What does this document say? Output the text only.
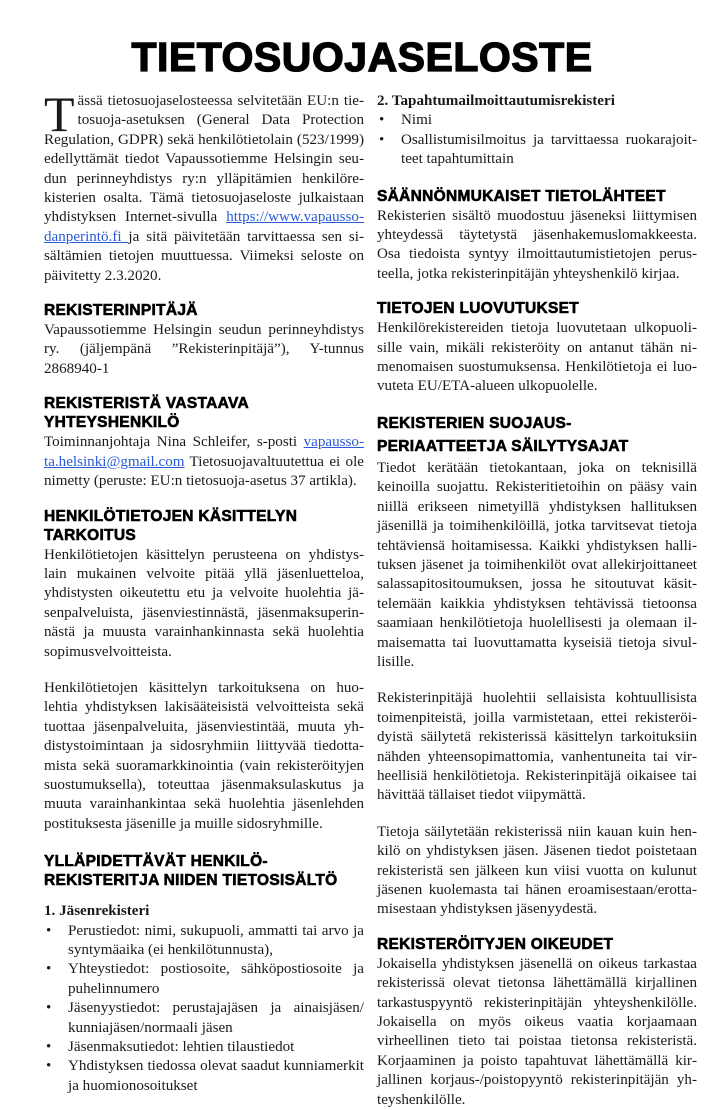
TIETOSUOJASELOSTE

Tässä tietosuojaselosteessa selvitetään EU:n tietosuoja-asetuksen (General Data Protection Regulation, GDPR) sekä henkilötietolain (523/1999) edellyttämät tiedot Vapaussotiemme Helsingin seudun perinneyhdistys ry:n ylläpitämien henkilörekisterien osalta. Tämä tietosuojaseloste julkaistaan yhdistyksen Internet-sivulla https://www.vapaussodanperintö.fi ja sitä päivitetään tarvittaessa sen sisältämien tietojen muuttuessa. Viimeksi seloste on päivitetty 2.3.2020.

REKISTERINPITÄJÄ

Vapaussotiemme Helsingin seudun perinneyhdistys ry. (jäljempänä ”Rekisterinpitäjä”), Y-tunnus 2868940-1

REKISTERISTÄ VASTAAVA YHTEYSHENKILÖ

Toiminnanjohtaja Nina Schleifer, s-posti vapaussota.helsinki@gmail.com Tietosuojavaltuutettua ei ole nimetty (peruste: EU:n tietosuoja-asetus 37 artikla).

HENKILÖTIETOJEN KÄSITTELYN TARKOITUS

Henkilötietojen käsittelyn perusteena on yhdistyslain mukainen velvoite pitää yllä jäsenluetteloa, yhdistysten oikeutettu etu ja velvoite huolehtia jäsenpalveluista, jäsenviestinnästä, jäsenmaksuperinnästä ja muusta varainhankinnasta sekä huolehtia sopimusvelvoitteista.

Henkilötietojen käsittelyn tarkoituksena on huolehtia yhdistyksen lakisääteisistä velvoitteista sekä tuottaa jäsenpalveluita, jäsenviestintää, muuta yhdistystoimintaan ja sidosryhmiin liittyvää tiedottamista sekä suoramarkkinointia (vain rekisteröityjen suostumuksella), toteuttaa jäsenmaksulaskutus ja muuta varainhankintaa sekä huolehtia jäsenlehden postituksesta jäsenille ja muille sidosryhmille.

YLLÄPIDETTÄVÄT HENKILÖ-
REKISTERITJA NIIDEN TIETOSISÄLTÖ
1. Jäsenrekisteri
• Perustiedot: nimi, sukupuoli, ammatti tai arvo ja syntymäaika (ei henkilötunnusta),
• Yhteystiedot: postiosoite, sähköpostiosoite ja puhelinnumero
• Jäsenyystiedot: perustajajäsen ja ainaisjäsen/ kunniajäsen/normaali jäsen
• Jäsenmaksutiedot: lehtien tilaustiedot
• Yhdistyksen tiedossa olevat saadut kunniamerkit ja huomionosoitukset
2. Tapahtumailmoittautumisrekisteri
• Nimi
• Osallistumisilmoitus ja tarvittaessa ruokarajoitteet tapahtumittain
SÄÄNNÖNMUKAISET TIETOLÄHTEET

Rekisterien sisältö muodostuu jäseneksi liittymisen yhteydessä täytetystä jäsenhakemuslomakkeesta. Osa tiedoista syntyy ilmoittautumistietojen perusteella, jotka rekisterinpitäjän yhteyshenkilö kirjaa.

TIETOJEN LUOVUTUKSET

Henkilörekistereiden tietoja luovutetaan ulkopuolisille vain, mikäli rekisteröity on antanut tähän nimenomaisen suostumuksensa. Henkilötietoja ei luovuteta EU/ETA-alueen ulkopuolelle.

REKISTERIEN SUOJAUS-
PERIAATTEETJA SÄILYTYSAJAT

Tiedot kerätään tietokantaan, joka on teknisillä keinoilla suojattu. Rekisteritietoihin on pääsy vain niillä erikseen nimetyillä yhdistyksen hallituksen jäsenillä ja toimihenkilöillä, jotka tarvitsevat tietoja tehtäviensä hoitamisessa. Kaikki yhdistyksen hallituksen jäsenet ja toimihenkilöt ovat allekirjoittaneet salassapitositoumuksen, jossa he sitoutuvat käsittelemään kaikkia yhdistyksen tehtävissä tietoonsa saamiaan henkilötietoja huolellisesti ja olemaan ilmaisematta tai luovuttamatta kyseisiä tietoja sivullisille.

Rekisterinpitäjä huolehtii sellaisista kohtuullisista toimenpiteistä, joilla varmistetaan, ettei rekisteröidyistä säilytetä rekisterissä käsittelyn tarkoituksiin nähden yhteensopimattomia, vanhentuneita tai virheellisiä henkilötietoja. Rekisterinpitäjä oikaisee tai hävittää tällaiset tiedot viipymättä.

Tietoja säilytetään rekisterissä niin kauan kuin henkilö on yhdistyksen jäsen. Jäsenen tiedot poistetaan rekisteristä sen jälkeen kun viisi vuotta on kulunut jäsenen kuolemasta tai hänen eroamisestaan/erottamisestaan yhdistyksen jäsenyydestä.

REKISTERÖITYJEN OIKEUDET

Jokaisella yhdistyksen jäsenellä on oikeus tarkastaa rekisterissä olevat tietonsa lähettämällä kirjallinen tarkastuspyyntö rekisterinpitäjän yhteyshenkilölle. Jokaisella on myös oikeus vaatia korjaamaan virheellinen tieto tai poistaa tietonsa rekisteristä. Korjaaminen ja poisto tapahtuvat lähettämällä kirjallinen korjaus-/poistopyyntö rekisterinpitäjän yhteyshenkilölle.
